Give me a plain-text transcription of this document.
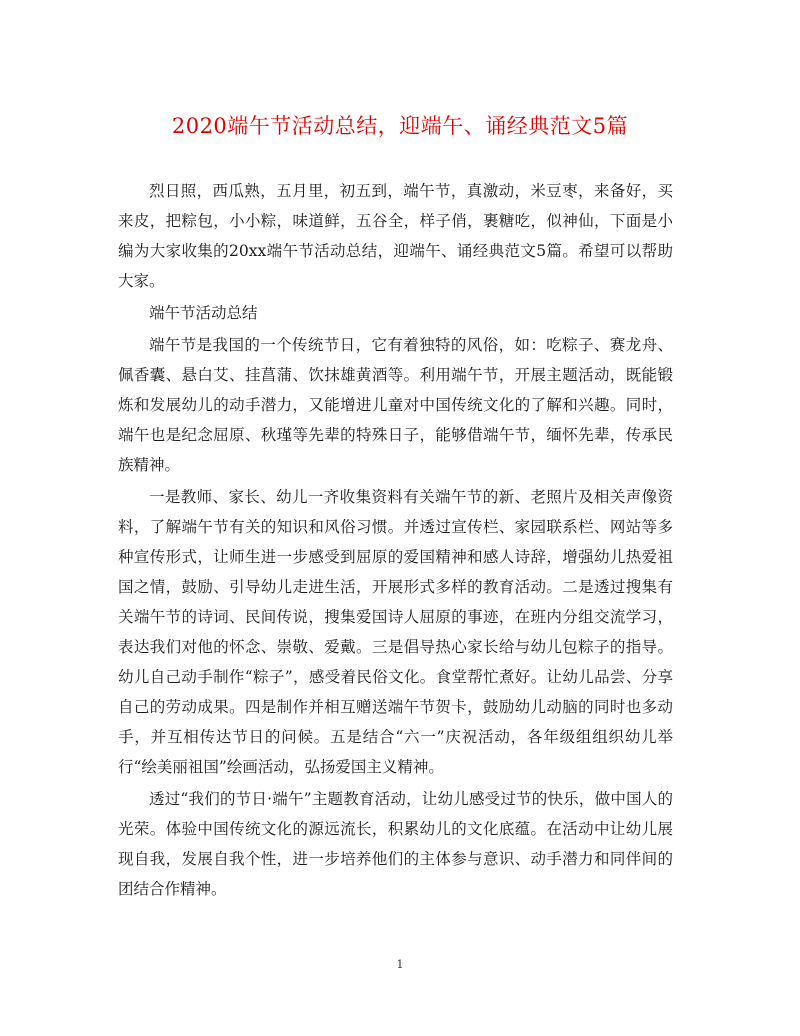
2020端午节活动总结，迎端午、诵经典范文5篇

烈日照，西瓜熟，五月里，初五到，端午节，真激动，米豆枣，来备好，买来皮，把粽包，小小粽，味道鲜，五谷全，样子俏，裹糖吃，似神仙，下面是小编为大家收集的20xx端午节活动总结，迎端午、诵经典范文5篇。希望可以帮助大家。

端午节活动总结

端午节是我国的一个传统节日，它有着独特的风俗，如：吃粽子、赛龙舟、佩香囊、悬白艾、挂菖蒲、饮抹雄黄酒等。利用端午节，开展主题活动，既能锻炼和发展幼儿的动手潜力，又能增进儿童对中国传统文化的了解和兴趣。同时，端午也是纪念屈原、秋瑾等先辈的特殊日子，能够借端午节，缅怀先辈，传承民族精神。

一是教师、家长、幼儿一齐收集资料有关端午节的新、老照片及相关声像资料，了解端午节有关的知识和风俗习惯。并透过宣传栏、家园联系栏、网站等多种宣传形式，让师生进一步感受到屈原的爱国精神和感人诗辞，增强幼儿热爱祖国之情，鼓励、引导幼儿走进生活，开展形式多样的教育活动。二是透过搜集有关端午节的诗词、民间传说，搜集爱国诗人屈原的事迹，在班内分组交流学习，表达我们对他的怀念、崇敬、爱戴。三是倡导热心家长给与幼儿包粽子的指导。幼儿自己动手制作“粽子”，感受着民俗文化。食堂帮忙煮好。让幼儿品尝、分享自己的劳动成果。四是制作并相互赠送端午节贺卡，鼓励幼儿动脑的同时也多动手，并互相传达节日的问候。五是结合“六一”庆祝活动，各年级组组织幼儿举行“绘美丽祖国”绘画活动，弘扬爱国主义精神。

透过“我们的节日·端午”主题教育活动，让幼儿感受过节的快乐，做中国人的光荣。体验中国传统文化的源远流长，积累幼儿的文化底蕴。在活动中让幼儿展现自我，发展自我个性，进一步培养他们的主体参与意识、动手潜力和同伴间的团结合作精神。

1
